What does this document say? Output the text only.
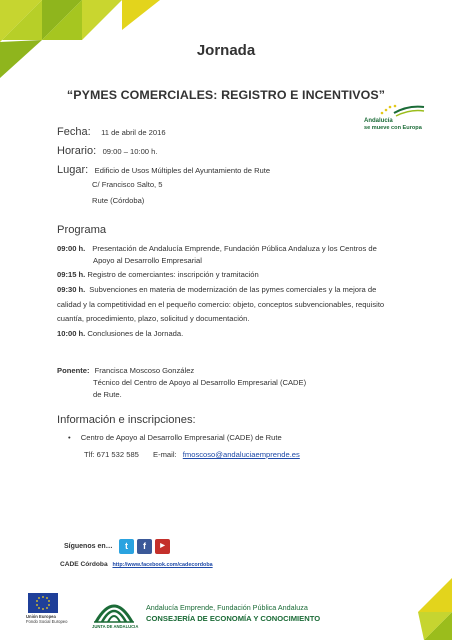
Jornada
“PYMES COMERCIALES: REGISTRO E INCENTIVOS”
Andalucía
se mueve con Europa
Fecha: 11 de abril de 2016
Horario: 09:00 – 10:00 h.
Lugar: Edificio de Usos Múltiples del Ayuntamiento de Rute
C/ Francisco Salto, 5
Rute (Córdoba)
Programa
09:00 h. Presentación de Andalucía Emprende, Fundación Pública Andaluza y los Centros de
Apoyo al Desarrollo Empresarial
09:15 h. Registro de comerciantes: inscripción y tramitación
09:30 h. Subvenciones en materia de modernización de las pymes comerciales y la mejora de
calidad y la competitividad en el pequeño comercio: objeto, conceptos subvencionables, requisito
cuantía, procedimiento, plazo, solicitud y documentación.
10:00 h. Conclusiones de la Jornada.
Ponente: Francisca Moscoso González
Técnico del Centro de Apoyo al Desarrollo Empresarial (CADE)
de Rute.
Información e inscripciones:
• Centro de Apoyo al Desarrollo Empresarial (CADE) de Rute
Tlf: 671 532 585 E-mail: fmoscoso@andaluciaemprende.es
Síguenos en…	t	f	▶
CADE Córdoba http://www.facebook.com/cadecordoba
Unión Europea
Fondo Social Europeo
JUNTA DE ANDALUCIA
Andalucía Emprende, Fundación Pública Andaluza
CONSEJERÍA DE ECONOMÍA Y CONOCIMIENTO
